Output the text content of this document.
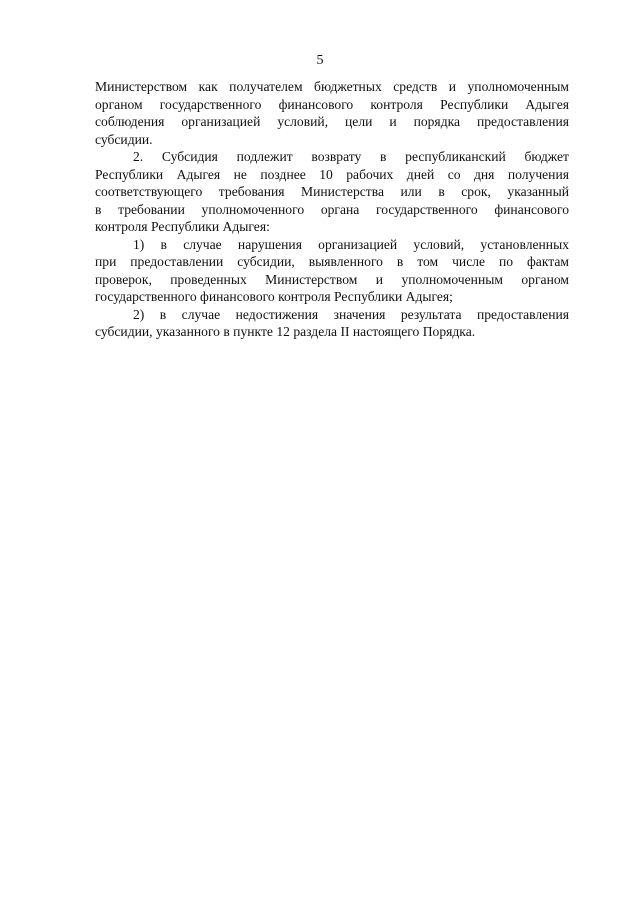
5

Министерством как получателем бюджетных средств и уполномоченным
органом государственного финансового контроля Республики Адыгея
соблюдения организацией условий, цели и порядка предоставления
субсидии.

2. Субсидия подлежит возврату в республиканский бюджет
Республики Адыгея не позднее 10 рабочих дней со дня получения
соответствующего требования Министерства или в срок, указанный
в требовании уполномоченного органа государственного финансового
контроля Республики Адыгея:

1) в случае нарушения организацией условий, установленных
при предоставлении субсидии, выявленного в том числе по фактам
проверок, проведенных Министерством и уполномоченным органом
государственного финансового контроля Республики Адыгея;

2) в случае недостижения значения результата предоставления
субсидии, указанного в пункте 12 раздела II настоящего Порядка.
